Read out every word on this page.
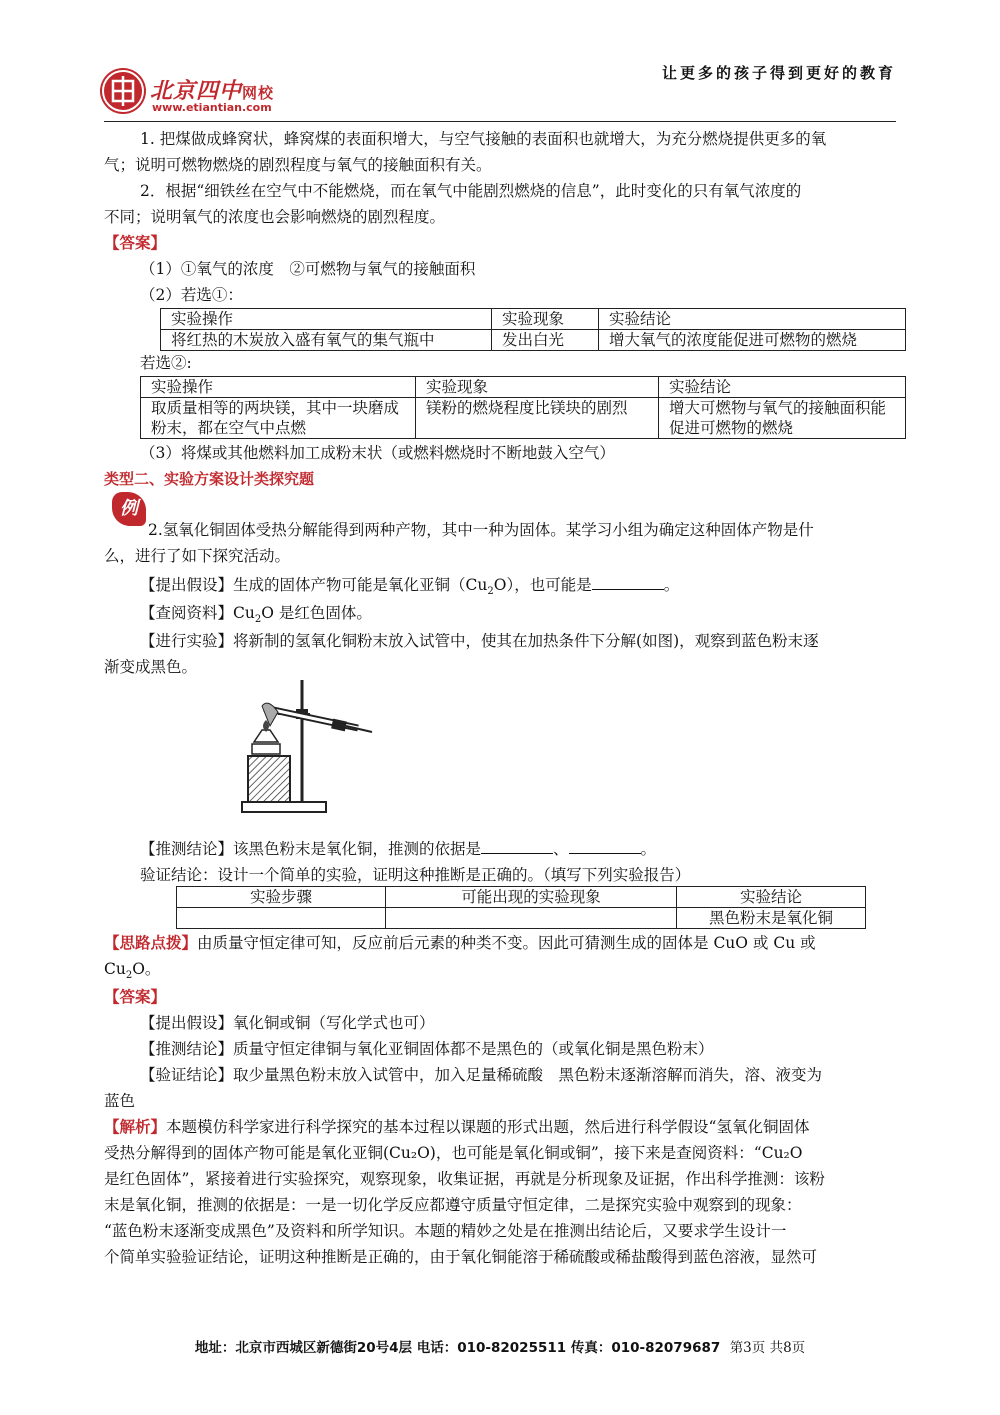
北京四中网校
www.etiantian.com
让更多的孩子得到更好的教育
1. 把煤做成蜂窝状，蜂窝煤的表面积增大，与空气接触的表面积也就增大，为充分燃烧提供更多的氧
气；说明可燃物燃烧的剧烈程度与氧气的接触面积有关。
2．根据“细铁丝在空气中不能燃烧，而在氧气中能剧烈燃烧的信息”，此时变化的只有氧气浓度的
不同；说明氧气的浓度也会影响燃烧的剧烈程度。
【答案】
（1）①氧气的浓度　②可燃物与氧气的接触面积
（2）若选①：
实验操作	实验现象	实验结论
将红热的木炭放入盛有氧气的集气瓶中	发出白光	增大氧气的浓度能促进可燃物的燃烧
若选②:
实验操作	实验现象	实验结论
取质量相等的两块镁，其中一块磨成粉末，都在空气中点燃	镁粉的燃烧程度比镁块的剧烈	增大可燃物与氧气的接触面积能促进可燃物的燃烧
（3）将煤或其他燃料加工成粉末状（或燃料燃烧时不断地鼓入空气）
类型二、实验方案设计类探究题
例
2.氢氧化铜固体受热分解能得到两种产物，其中一种为固体。某学习小组为确定这种固体产物是什
么，进行了如下探究活动。
【提出假设】生成的固体产物可能是氧化亚铜$(Cu_2O)$，也可能是	。
【查阅资料】$Cu_2O$ 是红色固体。
【进行实验】将新制的氢氧化铜粉末放入试管中，使其在加热条件下分解(如图)，观察到蓝色粉末逐
渐变成黑色。
【推测结论】该黑色粉末是氧化铜，推测的依据是	、	。
验证结论：设计一个简单的实验，证明这种推断是正确的。（填写下列实验报告）
实验步骤	可能出现的实验现象	实验结论
		黑色粉末是氧化铜
【思路点拨】由质量守恒定律可知，反应前后元素的种类不变。因此可猜测生成的固体是 CuO 或 Cu 或
$Cu_2O$。
【答案】
【提出假设】氧化铜或铜（写化学式也可）
【推测结论】质量守恒定律铜与氧化亚铜固体都不是黑色的（或氧化铜是黑色粉末）
【验证结论】取少量黑色粉末放入试管中，加入足量稀硫酸　黑色粉末逐渐溶解而消失，溶、液变为
蓝色
【解析】本题模仿科学家进行科学探究的基本过程以课题的形式出题，然后进行科学假设“氢氧化铜固体
受热分解得到的固体产物可能是氧化亚铜(Cu₂O)，也可能是氧化铜或铜”，接下来是查阅资料：“Cu₂O
是红色固体”，紧接着进行实验探究，观察现象，收集证据，再就是分析现象及证据，作出科学推测：该粉
末是氧化铜，推测的依据是：一是一切化学反应都遵守质量守恒定律，二是探究实验中观察到的现象：
“蓝色粉末逐渐变成黑色”及资料和所学知识。本题的精妙之处是在推测出结论后，又要求学生设计一
个简单实验验证结论，证明这种推断是正确的，由于氧化铜能溶于稀硫酸或稀盐酸得到蓝色溶液，显然可
地址：北京市西城区新德街20号4层 电话：010-82025511 传真：010-82079687 第3页 共8页
